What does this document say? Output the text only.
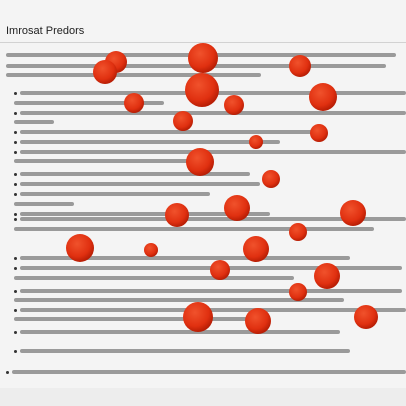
Imrosat Predors
